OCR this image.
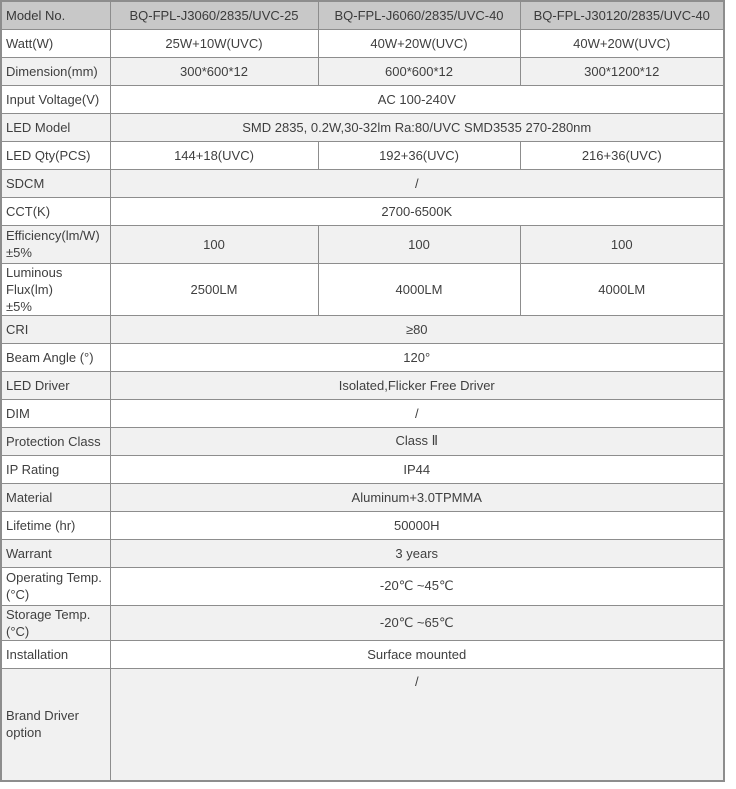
Model No.	BQ-FPL-J3060/2835/UVC-25	BQ-FPL-J6060/2835/UVC-40	BQ-FPL-J30120/2835/UVC-40

Watt(W)	25W+10W(UVC)	40W+20W(UVC)	40W+20W(UVC)

Dimension(mm)	300*600*12	600*600*12	300*1200*12

Input Voltage(V)	AC 100-240V		

LED Model	SMD 2835, 0.2W,30-32lm Ra:80/UVC SMD3535 270-280nm		

LED Qty(PCS)	144+18(UVC)	192+36(UVC)	216+36(UVC)

SDCM	/		

CCT(K)	2700-6500K		

Efficiency(lm/W)
±5%	100	100	100

Luminous Flux(lm)
±5%	2500LM	4000LM	4000LM

CRI	≥80		

Beam Angle (°)	120°		

LED Driver	Isolated,Flicker Free Driver		

DIM	/		

Protection Class	Class Ⅱ		

IP Rating	IP44		

Material	Aluminum+3.0TPMMA		

Lifetime (hr)	50000H		

Warrant	3 years		

Operating Temp.
(°C)	-20℃ ~45℃		

Storage Temp.(°C)	-20℃ ~65℃		

Installation	Surface mounted		

Brand Driver option	/		
